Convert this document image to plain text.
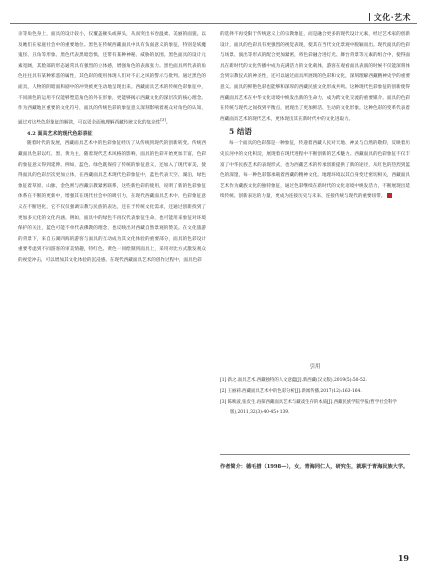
文化·艺术

亲等角色身上，面具的设计较小，仅覆盖额头或鼻头，从而突出书卷温柔、美丽的面貌。以及她们在家庭社会中的重要地位。黑色在传统西藏面具中具有负面意义的象征，特别是妖魔鬼怪、丑角等形象。黑色代表黑暗恐惧，还带有某种神秘、威胁的氛围。黑色面具的设计元素宽阔，其脸部的形态通常具有强烈的立体感，增强角色的表演张力。黑色面具所代表的角色往往具有某种邪恶的属性，其色彩的使用体现人们对不正之风的警示与批判。通过黑色的面具，人物的阴暗面和剧中的冲突被更生动地呈现出来。西藏面具艺术的传统色彩象征中，不同颜色的运用不仅能够塑造角色的外在形象，更能够揭示西藏文化的深层次的核心理念。作为西藏地区重要的文化符号，面具的传统色彩的象征意义深刻影响着观众对角色的认知，通过对这些色彩象征的解读，可以更全面地理解西藏传统文化的复杂性[3]。

4.2 面具艺术的现代色彩表征

随着时代的发展，西藏面具艺术中的色彩象征经历了从传统到现代的创新转变。传统西藏面具色彩以红、黑、黄为主，随着现代艺术风格的影响，面具的色彩开始更加丰富，色彩的象征意义得到延伸。例如，蓝色、绿色既保持了传统的象征意义，还加入了现代审美，使得面具的色彩层次更加立体，在西藏面具艺术现代色彩象征中，蓝色代表天空、湖泊，绿色象征着草原、山脉，金色则与西藏宗教紧密联系，这些新色彩的使用，说明了新的色彩象征体系在不断的更新中，增强其在现代社会中的吸引力，在现代西藏面具艺术中，色彩象征意义在不断进化，它不仅仅强调宗教与民族的表达，还在于传统文化需求，还通过创新找到了更加多元化的文化内涵。例如，面具中的绿色不再仅代表象征生命，也可能用来象征对环境保护的关注，蓝色可能不单代表佛教的理念，也反映出对西藏自然景观的赞美。在文化旅游的背景下，来自五湖四海的游客与面具的互动成为其文化体验的重要部分，面具的色彩设计重要考虑到不同游客的审美情趣，特红色、黄色一同绘制到面具上，采用对比方式激发观众的视觉冲击，可以增加其文化体验的沉浸感。在现代西藏面具艺术的创作过程中，面具色彩

的选择不再受限于传统意义上的宗教象征，而是融合更多的现代设计元素，经过艺术家的创新设计，面具的色彩具有更强烈的视觉表现，使其在当代文化景观中脱颖而出。现代面具的色彩与场景、演出等形式的配合更加紧密，将色彩融合进灯光、舞台背景等元素的组合中，使得面具在新时代的文化传播中成为充满活力的文化载体，游客在观看面具表演的时候不仅能深刻体会到宗教仪式的神圣性，还可以通过面具所展现的色彩和文化，深刻理解西藏精神史学的重要意义。面具的鲜艳色彩也能够和深厚的西藏民族文化形成共鸣。这种现代色彩象征的创新使得西藏面具艺术在中华文化语境中焕发出新的生命力，成为跨文化交流的重要媒介。面具的色彩在传统与现代之间找到平衡点，展现出了更加鲜活、生动的文化形象。这种色彩的变革代表着西藏面具艺术的现代艺术，更体现出其在新时代中的文化进取力。

5 结语

每一个面具的色彩都是一种象征，传递着西藏人民对天地、神灵与自然的敬仰，反映着历史长河中的文化积淀，展现着在现代进程中不断创新的艺术魅力。西藏面具的色彩象征不仅丰富了中华民族艺术的表现形式，也为西藏艺术的传承创新提供了新的途径，从红色的热烈到蓝色的深邃，每一种色彩都承载着西藏的精神文化。地理环境以其自身变迁密切相关，西藏面具艺术作为藏族文化的独特象征，通过色彩继续在新时代的文化语境中焕发活力，不断展现出延续传统、创新表达的力量，更成为连接历史与未来、连接传统与现代的重要纽带。

引用

[1] 新之.面具艺术.西藏独特的人文意蕴[J].新西藏(汉文版),2019(5):50-52.

[2] 王丽莉.西藏面具艺术中的色彩分析[J].新闻传播,2017(12):163-164.

[3] 陈映波,张皮生.再探西藏面具艺术与藏戏生存的本质[J].西藏民族学院学报(哲学社会科学版),2011,32(3):40-45+139.

作者简介：德毛措（1998—），女，青海同仁人，研究生，就职于青海民族大学。
19
